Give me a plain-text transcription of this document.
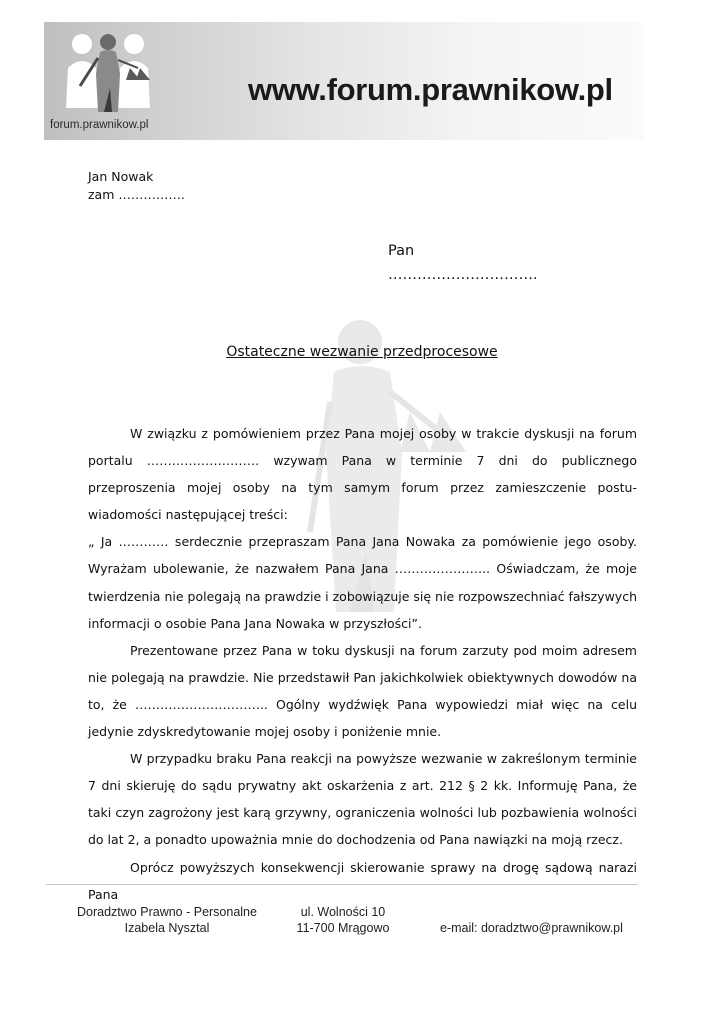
forum.prawnikow.pl
www.forum.prawnikow.pl
Jan Nowak
zam …………….
Pan
………………………….
Ostateczne wezwanie przedprocesowe

W związku z pomówieniem przez Pana mojej osoby w trakcie dyskusji na forum portalu ……………………… wzywam Pana w terminie 7 dni do publicznego przeproszenia mojej osoby na tym samym forum przez zamieszczenie postu-wiadomości następującej treści:

„ Ja ………… serdecznie przepraszam Pana Jana Nowaka za pomówienie jego osoby. Wyrażam ubolewanie, że nazwałem Pana Jana ………………….. Oświadczam, że moje twierdzenia nie polegają na prawdzie i zobowiązuje się nie rozpowszechniać fałszywych informacji o osobie Pana Jana Nowaka w przyszłości”.

Prezentowane przez Pana w toku dyskusji na forum zarzuty pod moim adresem nie polegają na prawdzie. Nie przedstawił Pan jakichkolwiek obiektywnych dowodów na to, że ………………………….. Ogólny wydźwięk Pana wypowiedzi miał więc na celu jedynie zdyskredytowanie mojej osoby i poniżenie mnie.

W przypadku braku Pana reakcji na powyższe wezwanie w zakreślonym terminie 7 dni skieruję do sądu prywatny akt oskarżenia z art. 212 § 2 kk. Informuję Pana, że taki czyn zagrożony jest karą grzywny, ograniczenia wolności lub pozbawienia wolności do lat 2, a ponadto upoważnia mnie do dochodzenia od Pana nawiązki na moją rzecz.

Oprócz powyższych konsekwencji skierowanie sprawy na drogę sądową narazi Pana

Doradztwo Prawno - Personalne
Izabela Nysztal
ul. Wolności 10
11-700 Mrągowo	e-mail: doradztwo@prawnikow.pl
